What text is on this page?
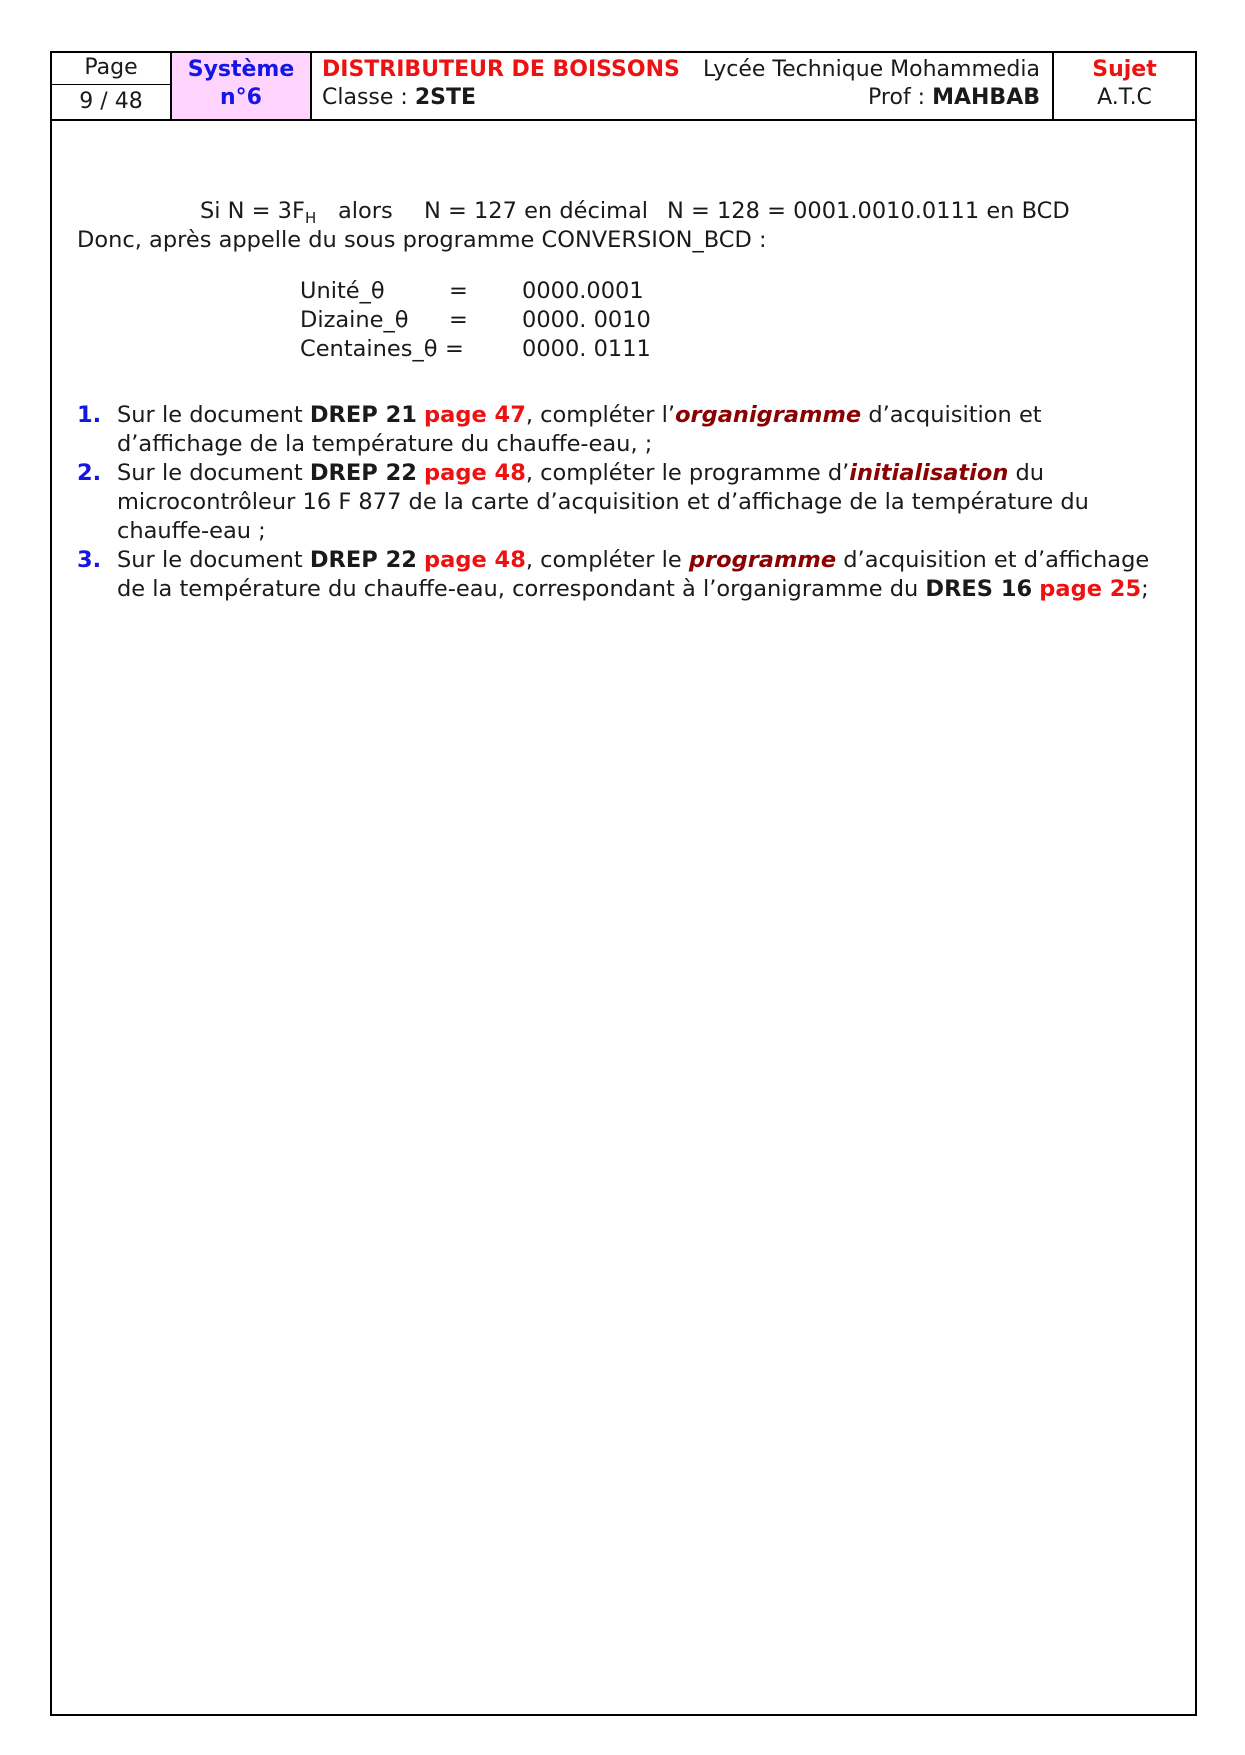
Page
9 / 48
Système
n°6
DISTRIBUTEUR DE BOISSONS Lycée Technique Mohammedia
Classe : 2STE	Prof : MAHBAB
Sujet
A.T.C
Si $N = 3F_H$ alors N = 127 en décimal N = 128 = 0001.0010.0111 en BCD
Donc, après appelle du sous programme CONVERSION_BCD :
Unité_θ	= 0000.0001
Dizaine_θ = 0000. 0010
Centaines_θ =	0000. 0111
1. Sur le document DREP 21 page 47, compléter l’organigramme d’acquisition et d’affichage de la température du chauffe-eau, ;
2. Sur le document DREP 22 page 48, compléter le programme d’initialisation du microcontrôleur 16 F 877 de la carte d’acquisition et d’affichage de la température du chauffe-eau ;
3. Sur le document DREP 22 page 48, compléter le programme d’acquisition et d’affichage de la température du chauffe-eau, correspondant à l’organigramme du DRES 16 page 25;
